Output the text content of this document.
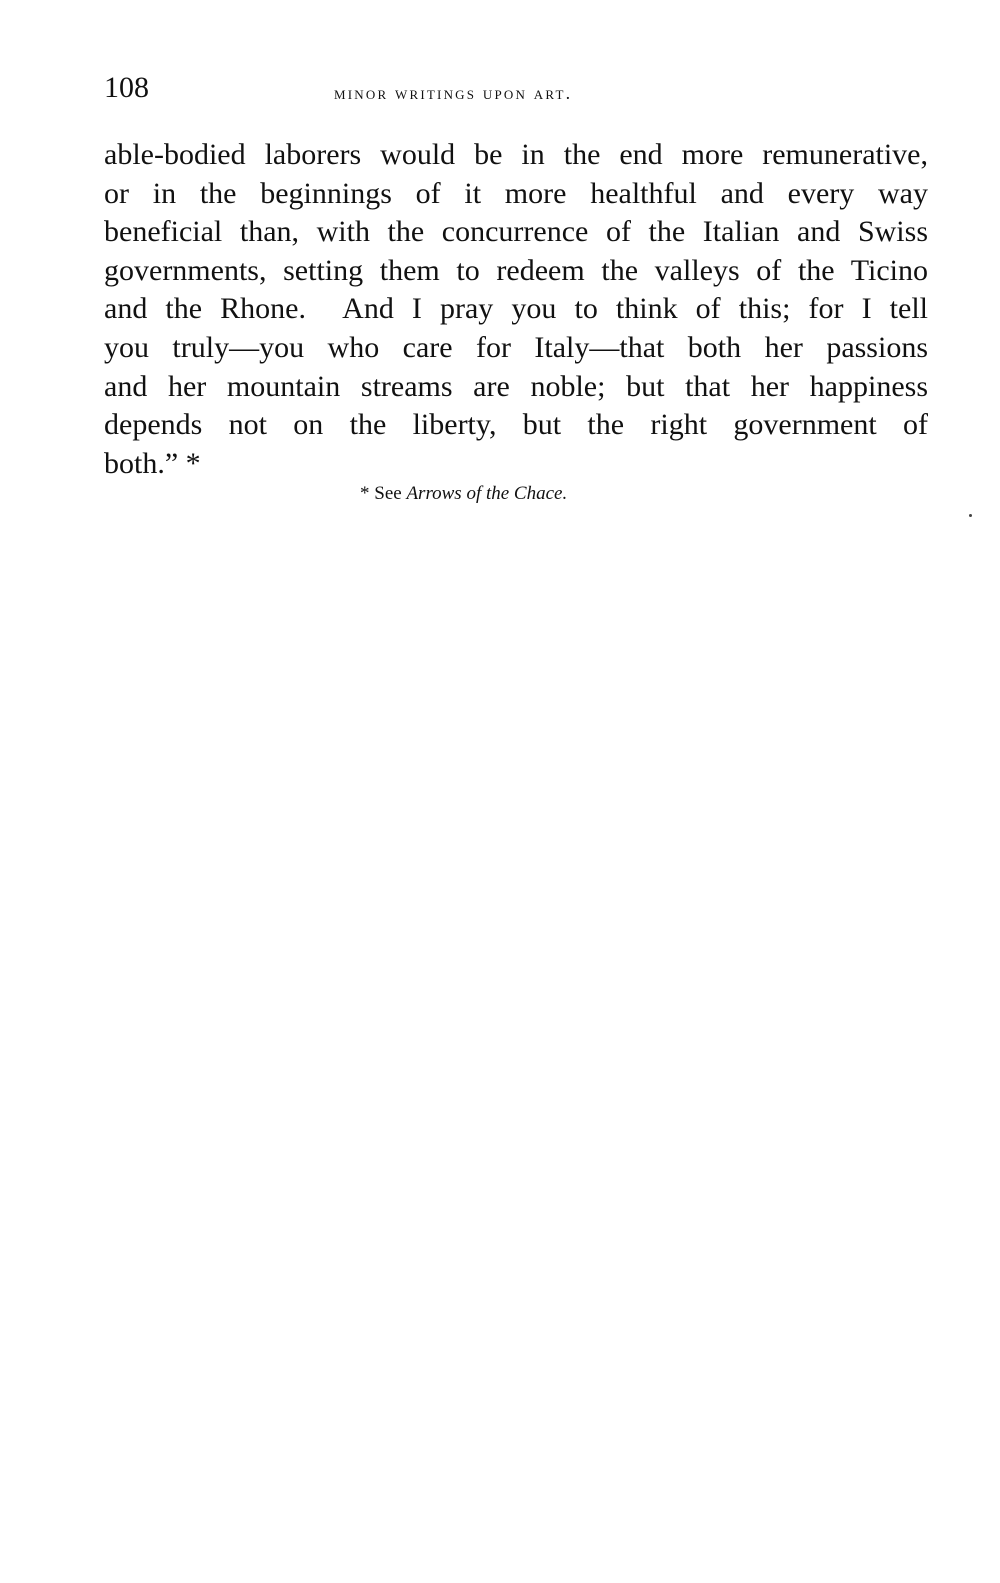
108	minor writings upon art.
able-bodied laborers would be in the end more remunerative,
or in the beginnings of it more healthful and every way
beneficial than, with the concurrence of the Italian and Swiss
governments, setting them to redeem the valleys of the Ticino
and the Rhone.  And I pray you to think of this; for I tell
you truly—you who care for Italy—that both her passions
and her mountain streams are noble; but that her happiness
depends not on the liberty, but the right government of
both.” *
* See Arrows of the Chace.
